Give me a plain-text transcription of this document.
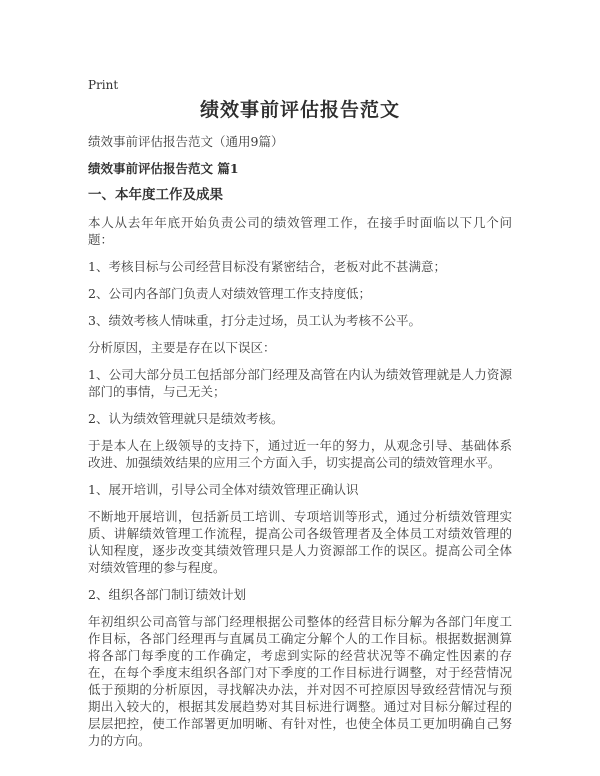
Print
绩效事前评估报告范文

绩效事前评估报告范文（通用9篇）

绩效事前评估报告范文 篇1

一、本年度工作及成果

本人从去年年底开始负责公司的绩效管理工作，在接手时面临以下几个问题：

1、考核目标与公司经营目标没有紧密结合，老板对此不甚满意；

2、公司内各部门负责人对绩效管理工作支持度低；

3、绩效考核人情味重，打分走过场，员工认为考核不公平。

分析原因，主要是存在以下误区：

1、公司大部分员工包括部分部门经理及高管在内认为绩效管理就是人力资源部门的事情，与己无关；

2、认为绩效管理就只是绩效考核。

于是本人在上级领导的支持下，通过近一年的努力，从观念引导、基础体系改进、加强绩效结果的应用三个方面入手，切实提高公司的绩效管理水平。

1、展开培训，引导公司全体对绩效管理正确认识

不断地开展培训，包括新员工培训、专项培训等形式，通过分析绩效管理实质、讲解绩效管理工作流程，提高公司各级管理者及全体员工对绩效管理的认知程度，逐步改变其绩效管理只是人力资源部工作的误区。提高公司全体对绩效管理的参与程度。

2、组织各部门制订绩效计划

年初组织公司高管与部门经理根据公司整体的经营目标分解为各部门年度工作目标，各部门经理再与直属员工确定分解个人的工作目标。根据数据测算将各部门每季度的工作确定，考虑到实际的经营状况等不确定性因素的存在，在每个季度末组织各部门对下季度的工作目标进行调整，对于经营情况低于预期的分析原因，寻找解决办法，并对因不可控原因导致经营情况与预期出入较大的，根据其发展趋势对其目标进行调整。通过对目标分解过程的层层把控，使工作部署更加明晰、有针对性，也使全体员工更加明确自己努力的方向。
